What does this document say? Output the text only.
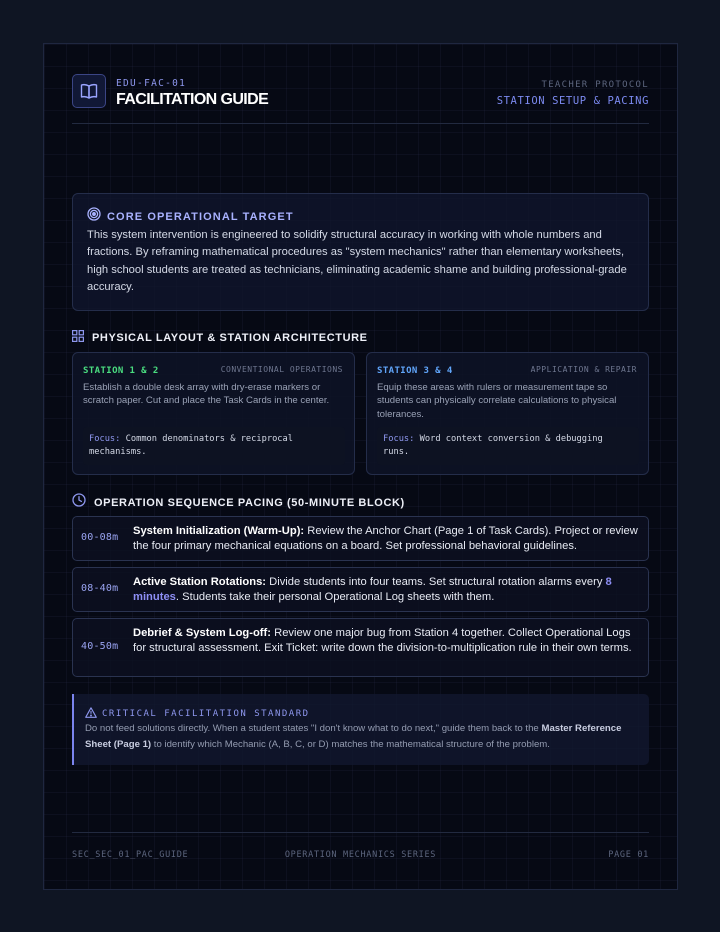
EDU-FAC-01
FACILITATION GUIDE
TEACHER PROTOCOL
STATION SETUP & PACING
CORE OPERATIONAL TARGET
This system intervention is engineered to solidify structural accuracy in working with whole numbers and fractions. By reframing mathematical procedures as "system mechanics" rather than elementary worksheets, high school students are treated as technicians, eliminating academic shame and building professional-grade accuracy.
PHYSICAL LAYOUT & STATION ARCHITECTURE
STATION 1 & 2	CONVENTIONAL OPERATIONS
Establish a double desk array with dry-erase markers or scratch paper. Cut and place the Task Cards in the center.
Focus: Common denominators & reciprocal mechanisms.
STATION 3 & 4	APPLICATION & REPAIR
Equip these areas with rulers or measurement tape so students can physically correlate calculations to physical tolerances.
Focus: Word context conversion & debugging runs.
OPERATION SEQUENCE PACING (50-MINUTE BLOCK)
00-08m
System Initialization (Warm-Up): Review the Anchor Chart (Page 1 of Task Cards). Project or review the four primary mechanical equations on a board. Set professional behavioral guidelines.
08-40m
Active Station Rotations: Divide students into four teams. Set structural rotation alarms every 8 minutes. Students take their personal Operational Log sheets with them.
40-50m
Debrief & System Log-off: Review one major bug from Station 4 together. Collect Operational Logs for structural assessment. Exit Ticket: write down the division-to-multiplication rule in their own terms.
CRITICAL FACILITATION STANDARD
Do not feed solutions directly. When a student states "I don't know what to do next," guide them back to the Master Reference Sheet (Page 1) to identify which Mechanic (A, B, C, or D) matches the mathematical structure of the problem.
SEC_SEC_01_PAC_GUIDE	OPERATION MECHANICS SERIES	PAGE 01
